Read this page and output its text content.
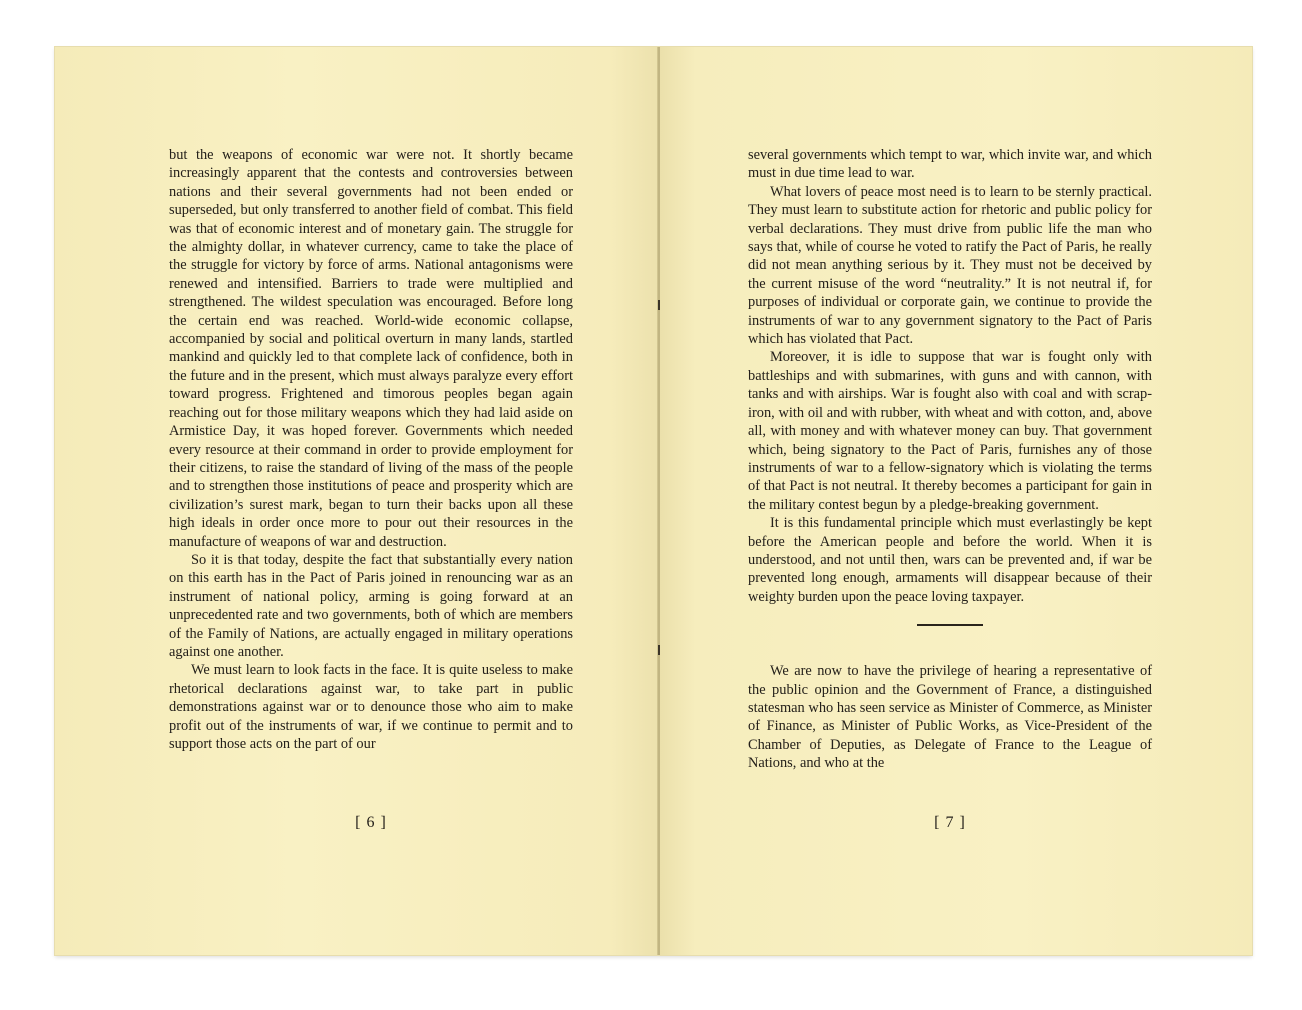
but the weapons of economic war were not. It shortly became increasingly apparent that the contests and controversies between nations and their several governments had not been ended or superseded, but only transferred to another field of combat. This field was that of economic interest and of monetary gain. The struggle for the almighty dollar, in whatever currency, came to take the place of the struggle for victory by force of arms. National antagonisms were renewed and intensified. Barriers to trade were multiplied and strengthened. The wildest speculation was encouraged. Before long the certain end was reached. World-wide economic collapse, accompanied by social and political overturn in many lands, startled mankind and quickly led to that complete lack of confidence, both in the future and in the present, which must always paralyze every effort toward progress. Frightened and timorous peoples began again reaching out for those military weapons which they had laid aside on Armistice Day, it was hoped forever. Governments which needed every resource at their command in order to provide employment for their citizens, to raise the standard of living of the mass of the people and to strengthen those institutions of peace and prosperity which are civilization’s surest mark, began to turn their backs upon all these high ideals in order once more to pour out their resources in the manufacture of weapons of war and destruction.

So it is that today, despite the fact that substantially every nation on this earth has in the Pact of Paris joined in renouncing war as an instrument of national policy, arming is going forward at an unprecedented rate and two governments, both of which are members of the Family of Nations, are actually engaged in military operations against one another.

We must learn to look facts in the face. It is quite useless to make rhetorical declarations against war, to take part in public demonstrations against war or to denounce those who aim to make profit out of the instruments of war, if we continue to permit and to support those acts on the part of our

[ 6 ]

several governments which tempt to war, which invite war, and which must in due time lead to war.

What lovers of peace most need is to learn to be sternly practical. They must learn to substitute action for rhetoric and public policy for verbal declarations. They must drive from public life the man who says that, while of course he voted to ratify the Pact of Paris, he really did not mean anything serious by it. They must not be deceived by the current misuse of the word “neutrality.” It is not neutral if, for purposes of individual or corporate gain, we continue to provide the instruments of war to any government signatory to the Pact of Paris which has violated that Pact.

Moreover, it is idle to suppose that war is fought only with battleships and with submarines, with guns and with cannon, with tanks and with airships. War is fought also with coal and with scrap-iron, with oil and with rubber, with wheat and with cotton, and, above all, with money and with whatever money can buy. That government which, being signatory to the Pact of Paris, furnishes any of those instruments of war to a fellow-signatory which is violating the terms of that Pact is not neutral. It thereby becomes a participant for gain in the military contest begun by a pledge-breaking government.

It is this fundamental principle which must everlastingly be kept before the American people and before the world. When it is understood, and not until then, wars can be prevented and, if war be prevented long enough, armaments will disappear because of their weighty burden upon the peace loving taxpayer.

We are now to have the privilege of hearing a representative of the public opinion and the Government of France, a distinguished statesman who has seen service as Minister of Commerce, as Minister of Finance, as Minister of Public Works, as Vice-President of the Chamber of Deputies, as Delegate of France to the League of Nations, and who at the

[ 7 ]
